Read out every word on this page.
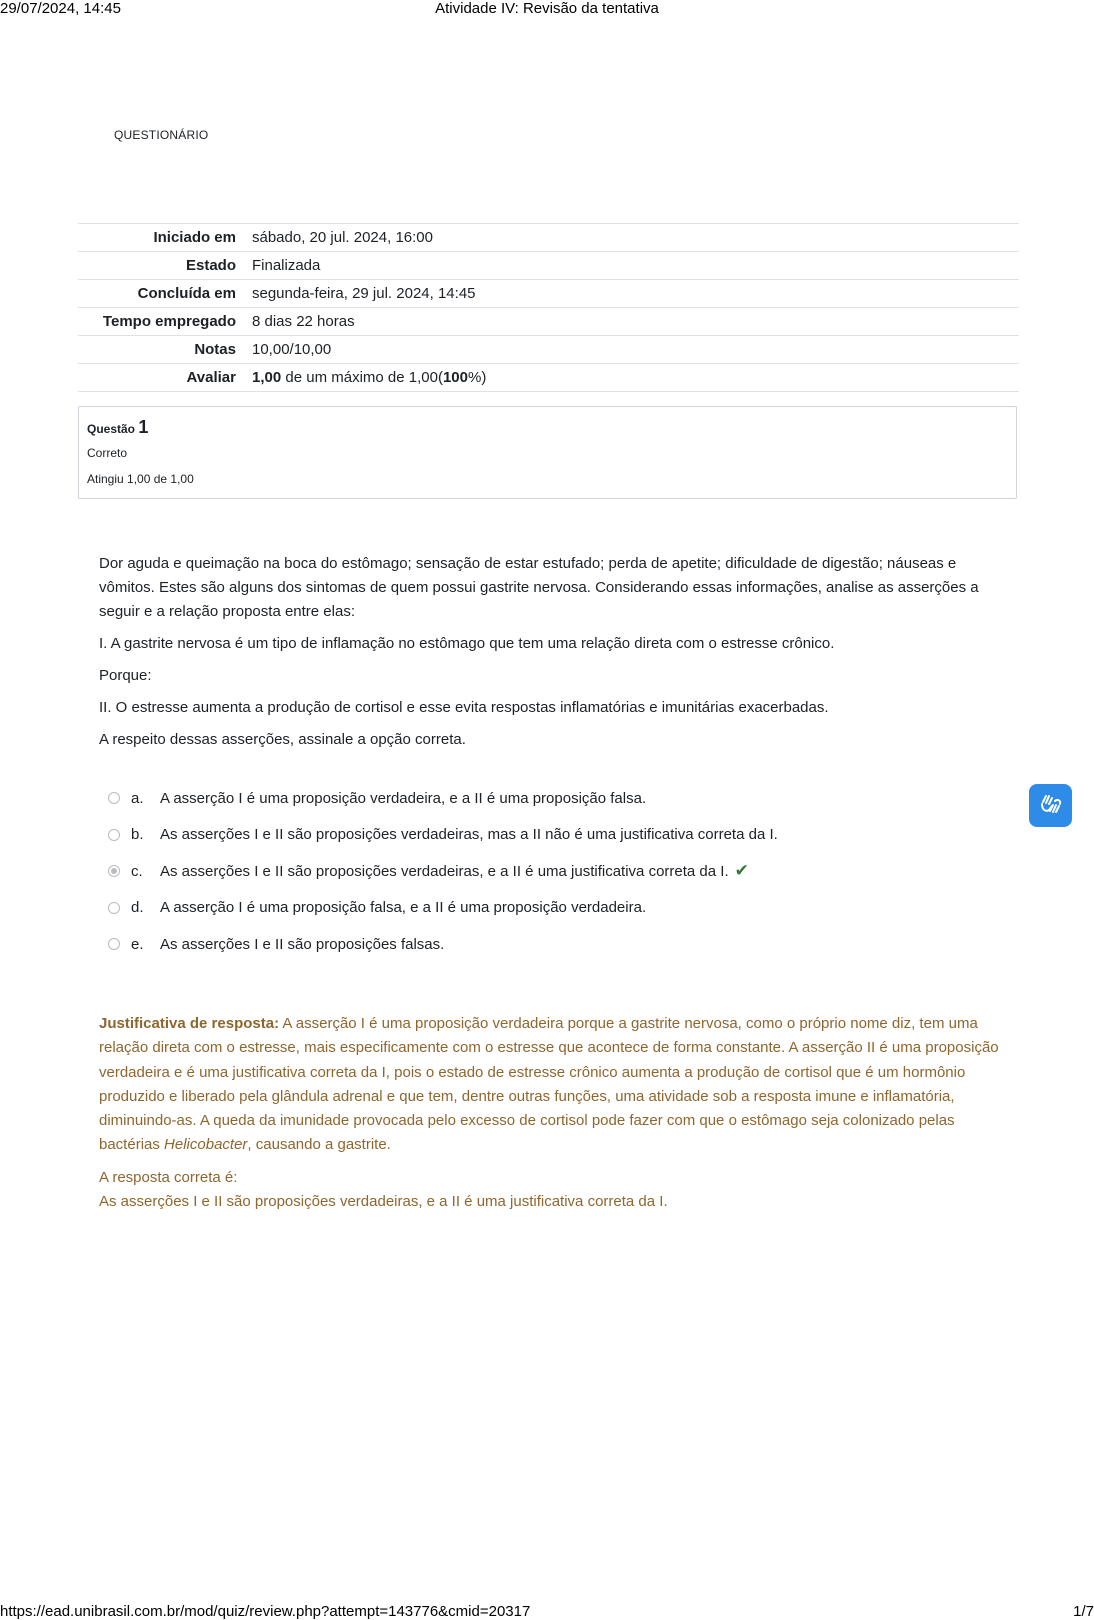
29/07/2024, 14:45	Atividade IV: Revisão da tentativa
QUESTIONÁRIO
Iniciado em	sábado, 20 jul. 2024, 16:00
Estado	Finalizada
Concluída em	segunda-feira, 29 jul. 2024, 14:45
Tempo empregado	8 dias 22 horas
Notas	10,00/10,00
Avaliar	1,00 de um máximo de 1,00(100%)
Questão 1
Correto
Atingiu 1,00 de 1,00

Dor aguda e queimação na boca do estômago; sensação de estar estufado; perda de apetite; dificuldade de digestão; náuseas e vômitos. Estes são alguns dos sintomas de quem possui gastrite nervosa. Considerando essas informações, analise as asserções a seguir e a relação proposta entre elas:

I. A gastrite nervosa é um tipo de inflamação no estômago que tem uma relação direta com o estresse crônico.

Porque:

II. O estresse aumenta a produção de cortisol e esse evita respostas inflamatórias e imunitárias exacerbadas.

A respeito dessas asserções, assinale a opção correta.

a.	A asserção I é uma proposição verdadeira, e a II é uma proposição falsa.
b.	As asserções I e II são proposições verdadeiras, mas a II não é uma justificativa correta da I.
c.	As asserções I e II são proposições verdadeiras, e a II é uma justificativa correta da I. ✔
d.	A asserção I é uma proposição falsa, e a II é uma proposição verdadeira.
e.	As asserções I e II são proposições falsas.

Justificativa de resposta: A asserção I é uma proposição verdadeira porque a gastrite nervosa, como o próprio nome diz, tem uma relação direta com o estresse, mais especificamente com o estresse que acontece de forma constante. A asserção II é uma proposição verdadeira e é uma justificativa correta da I, pois o estado de estresse crônico aumenta a produção de cortisol que é um hormônio produzido e liberado pela glândula adrenal e que tem, dentre outras funções, uma atividade sob a resposta imune e inflamatória, diminuindo-as. A queda da imunidade provocada pelo excesso de cortisol pode fazer com que o estômago seja colonizado pelas bactérias Helicobacter, causando a gastrite.

A resposta correta é:
As asserções I e II são proposições verdadeiras, e a II é uma justificativa correta da I.
https://ead.unibrasil.com.br/mod/quiz/review.php?attempt=143776&cmid=20317	1/7
